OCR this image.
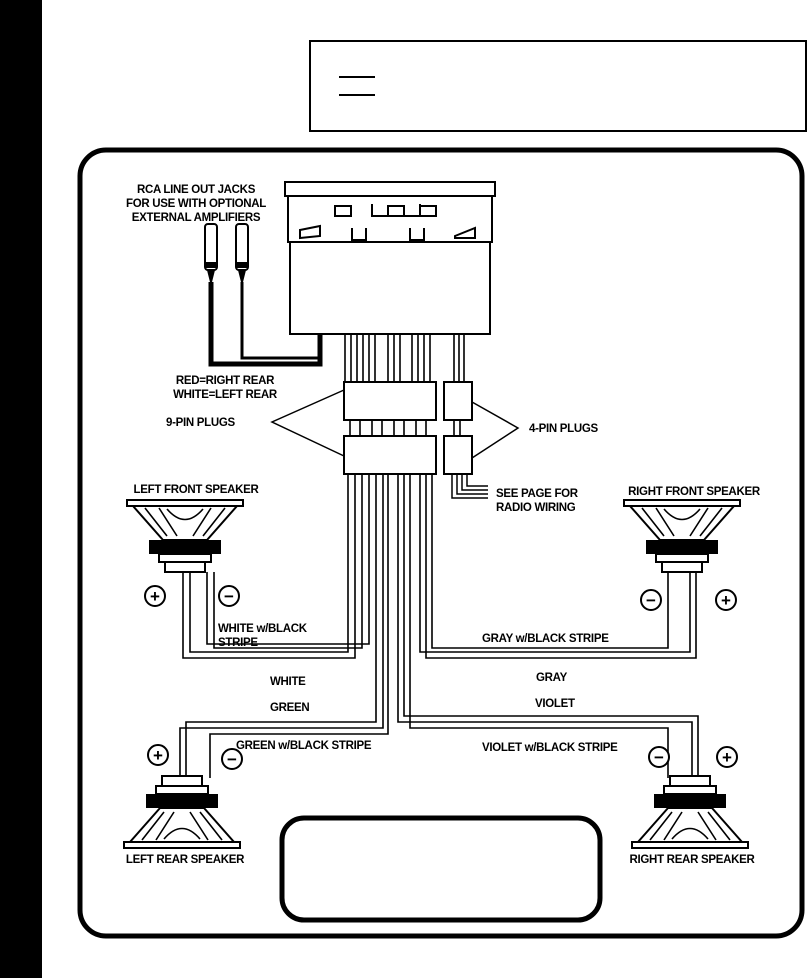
+	−	−	+
+	−	−	+
RCA LINE OUT JACKS
FOR USE WITH OPTIONAL
EXTERNAL AMPLIFIERS
RED=RIGHT REAR
WHITE=LEFT REAR
9-PIN PLUGS	4-PIN PLUGS
SEE PAGE FOR
RADIO WIRING
LEFT FRONT SPEAKER	RIGHT FRONT SPEAKER
WHITE w/BLACK
STRIPE	GRAY w/BLACK STRIPE
WHITE	GRAY
GREEN	VIOLET
GREEN w/BLACK STRIPE	VIOLET w/BLACK STRIPE
LEFT REAR SPEAKER	RIGHT REAR SPEAKER
